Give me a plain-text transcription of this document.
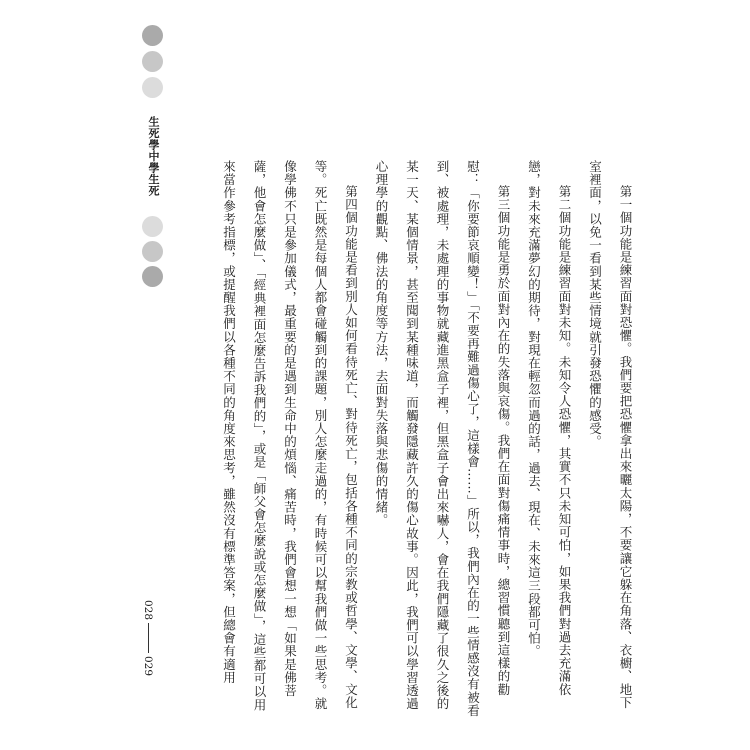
生死學中學生死

第一個功能是練習面對恐懼。我們要把恐懼拿出來曬太陽，不要讓它躲在角落、衣櫥、地下室裡面，以免一看到某些情境就引發恐懼的感受。

第二個功能是練習面對未知。未知令人恐懼，其實不只未知可怕，如果我們對過去充滿依戀，對未來充滿夢幻的期待，對現在輕忽而過的話，過去、現在、未來這三段都可怕。

第三個功能是勇於面對內在的失落與哀傷。我們在面對傷痛情事時，總習慣聽到這樣的勸慰：「你要節哀順變！」「不要再難過傷心了，這樣會……」所以，我們內在的一些情感沒有被看到、被處理，未處理的事物就藏進黑盒子裡，但黑盒子會出來嚇人，會在我們隱藏了很久之後的某一天、某個情景，甚至聞到某種味道，而觸發隱藏許久的傷心故事。因此，我們可以學習透過心理學的觀點、佛法的角度等方法，去面對失落與悲傷的情緒。

第四個功能是看到別人如何看待死亡、對待死亡，包括各種不同的宗教或哲學、文學、文化等。死亡既然是每個人都會碰觸到的課題，別人怎麼走過的，有時候可以幫我們做一些思考。就像學佛不只是參加儀式，最重要的是遇到生命中的煩惱、痛苦時，我們會想一想「如果是佛菩薩，他會怎麼做」、「經典裡面怎麼告訴我們的」，或是「師父會怎麼說或怎麼做」，這些都可以用來當作參考指標，或提醒我們以各種不同的角度來思考，雖然沒有標準答案，但總會有適用

028
029
